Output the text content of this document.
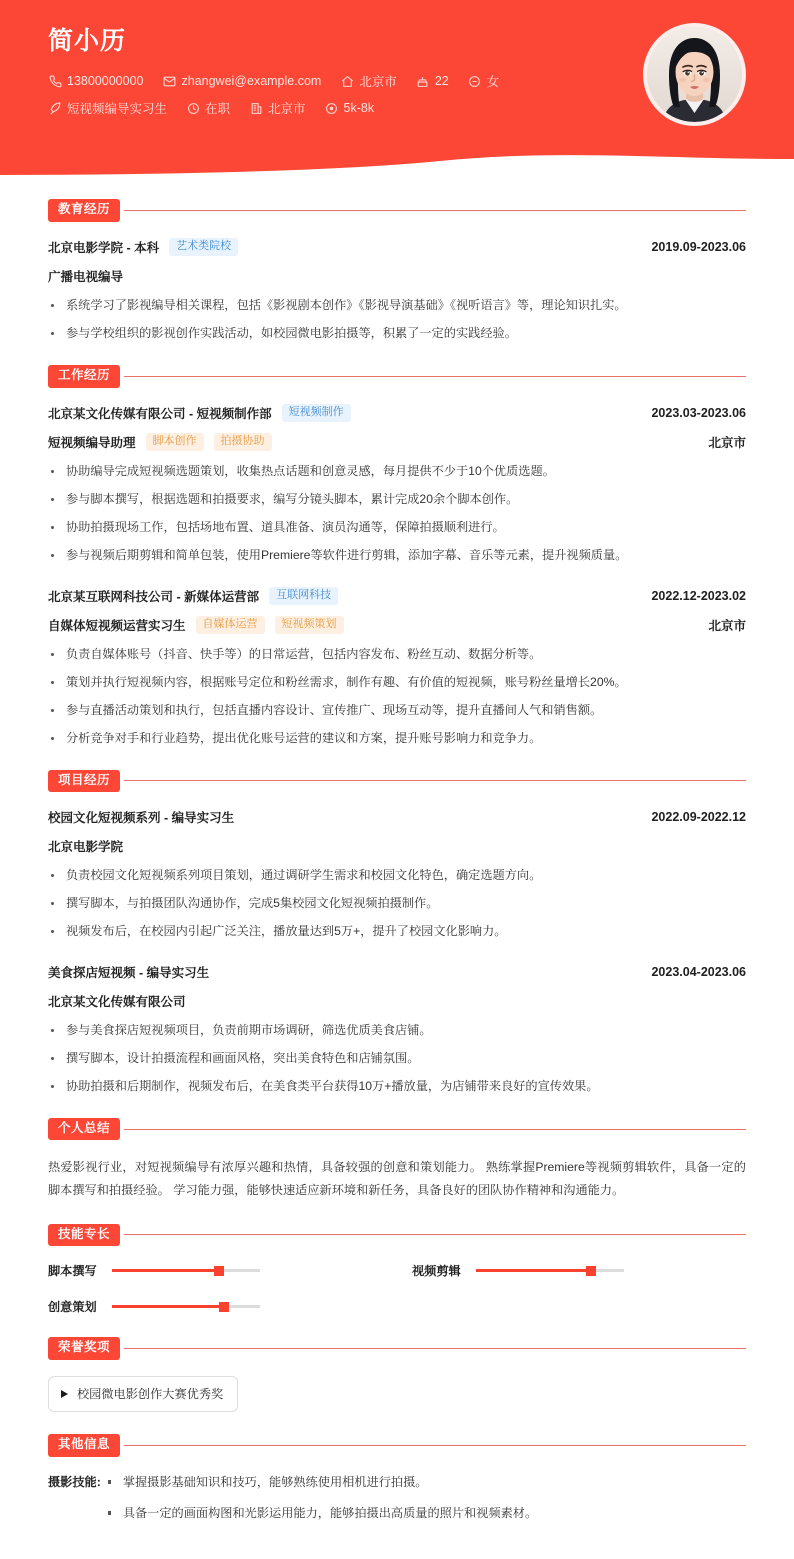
简小历
13800000000	zhangwei@example.com	北京市	22	女
短视频编导实习生	在职	北京市	5k-8k
教育经历
北京电影学院 - 本科	艺术类院校	2019.09-2023.06
广播电视编导
系统学习了影视编导相关课程，包括《影视剧本创作》《影视导演基础》《视听语言》等，理论知识扎实。
参与学校组织的影视创作实践活动，如校园微电影拍摄等，积累了一定的实践经验。
工作经历
北京某文化传媒有限公司 - 短视频制作部	短视频制作	2023.03-2023.06
短视频编导助理	脚本创作	拍摄协助	北京市
协助编导完成短视频选题策划，收集热点话题和创意灵感，每月提供不少于10个优质选题。
参与脚本撰写，根据选题和拍摄要求，编写分镜头脚本，累计完成20余个脚本创作。
协助拍摄现场工作，包括场地布置、道具准备、演员沟通等，保障拍摄顺利进行。
参与视频后期剪辑和简单包装，使用Premiere等软件进行剪辑，添加字幕、音乐等元素，提升视频质量。
北京某互联网科技公司 - 新媒体运营部	互联网科技	2022.12-2023.02
自媒体短视频运营实习生	自媒体运营	短视频策划	北京市
负责自媒体账号（抖音、快手等）的日常运营，包括内容发布、粉丝互动、数据分析等。
策划并执行短视频内容，根据账号定位和粉丝需求，制作有趣、有价值的短视频，账号粉丝量增长20%。
参与直播活动策划和执行，包括直播内容设计、宣传推广、现场互动等，提升直播间人气和销售额。
分析竞争对手和行业趋势，提出优化账号运营的建议和方案，提升账号影响力和竞争力。
项目经历
校园文化短视频系列 - 编导实习生	2022.09-2022.12
北京电影学院
负责校园文化短视频系列项目策划，通过调研学生需求和校园文化特色，确定选题方向。
撰写脚本，与拍摄团队沟通协作，完成5集校园文化短视频拍摄制作。
视频发布后，在校园内引起广泛关注，播放量达到5万+，提升了校园文化影响力。
美食探店短视频 - 编导实习生	2023.04-2023.06
北京某文化传媒有限公司
参与美食探店短视频项目，负责前期市场调研，筛选优质美食店铺。
撰写脚本，设计拍摄流程和画面风格，突出美食特色和店铺氛围。
协助拍摄和后期制作，视频发布后，在美食类平台获得10万+播放量，为店铺带来良好的宣传效果。
个人总结
热爱影视行业，对短视频编导有浓厚兴趣和热情，具备较强的创意和策划能力。 熟练掌握Premiere等视频剪辑软件，具备一定的脚本撰写和拍摄经验。 学习能力强，能够快速适应新环境和新任务，具备良好的团队协作精神和沟通能力。
技能专长
脚本撰写	视频剪辑
创意策划
荣誉奖项
校园微电影创作大赛优秀奖
其他信息
摄影技能:	掌握摄影基础知识和技巧，能够熟练使用相机进行拍摄。
具备一定的画面构图和光影运用能力，能够拍摄出高质量的照片和视频素材。
